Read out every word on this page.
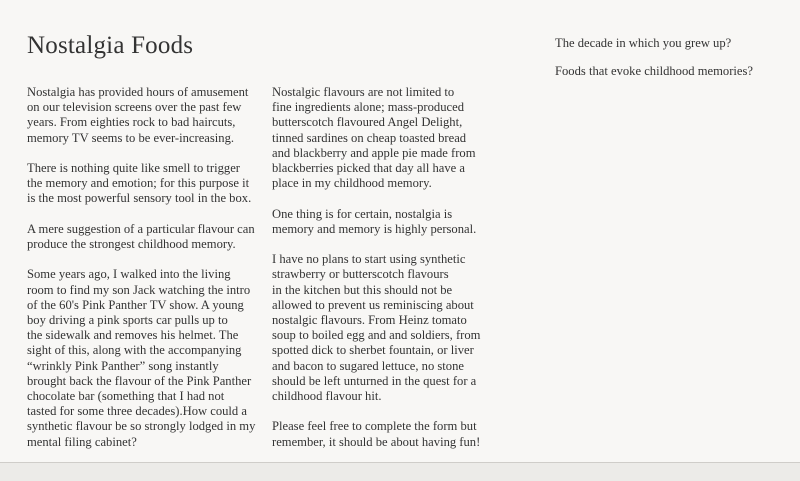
Nostalgia Foods

Nostalgia has provided hours of amusement
on our television screens over the past few
years. From eighties rock to bad haircuts,
memory TV seems to be ever-increasing.

There is nothing quite like smell to trigger
the memory and emotion; for this purpose it
is the most powerful sensory tool in the box.

A mere suggestion of a particular flavour can
produce the strongest childhood memory.

Some years ago, I walked into the living
room to find my son Jack watching the intro
of the 60's Pink Panther TV show. A young
boy driving a pink sports car pulls up to
the sidewalk and removes his helmet. The
sight of this, along with the accompanying
“wrinkly Pink Panther” song instantly
brought back the flavour of the Pink Panther
chocolate bar (something that I had not
tasted for some three decades).How could a
synthetic flavour be so strongly lodged in my
mental filing cabinet?

Nostalgic flavours are not limited to
fine ingredients alone; mass-produced
butterscotch flavoured Angel Delight,
tinned sardines on cheap toasted bread
and blackberry and apple pie made from
blackberries picked that day all have a
place in my childhood memory.

One thing is for certain, nostalgia is
memory and memory is highly personal.

I have no plans to start using synthetic
strawberry or butterscotch flavours
in the kitchen but this should not be
allowed to prevent us reminiscing about
nostalgic flavours. From Heinz tomato
soup to boiled egg and and soldiers, from
spotted dick to sherbet fountain, or liver
and bacon to sugared lettuce, no stone
should be left unturned in the quest for a
childhood flavour hit.

Please feel free to complete the form but
remember, it should be about having fun!

The decade in which you grew up?

Foods that evoke childhood memories?
